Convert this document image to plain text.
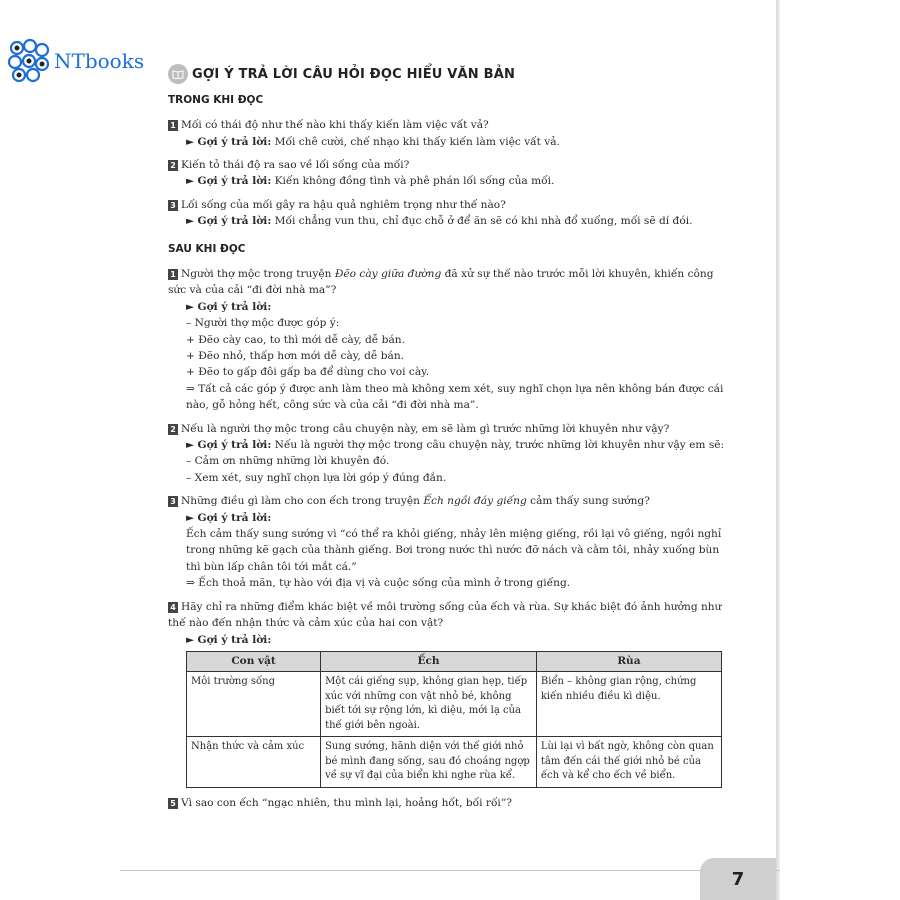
NTbooks
GỢI Ý TRẢ LỜI CÂU HỎI ĐỌC HIỂU VĂN BẢN
TRONG KHI ĐỌC
1 Mối có thái độ như thế nào khi thấy kiến làm việc vất vả?
► Gợi ý trả lời: Mối chê cười, chế nhạo khi thấy kiến làm việc vất vả.
2 Kiến tỏ thái độ ra sao về lối sống của mối?
► Gợi ý trả lời: Kiến không đồng tình và phê phán lối sống của mối.
3 Lối sống của mối gây ra hậu quả nghiêm trọng như thế nào?
► Gợi ý trả lời: Mối chẳng vun thu, chỉ đục chỗ ở để ăn sẽ có khi nhà đổ xuống, mối sẽ dí đói.
SAU KHI ĐỌC
1 Người thợ mộc trong truyện Đẽo cày giữa đường đã xử sự thế nào trước mỗi lời khuyên, khiến công sức và của cải “đi đời nhà ma”?
► Gợi ý trả lời:
– Người thợ mộc được góp ý:
+ Đẽo cày cao, to thì mới dễ cày, dễ bán.
+ Đẽo nhỏ, thấp hơn mới dễ cày, dễ bán.
+ Đẽo to gấp đôi gấp ba để dùng cho voi cày.
⇒ Tất cả các góp ý được anh làm theo mà không xem xét, suy nghĩ chọn lựa nên không bán được cái nào, gỗ hỏng hết, công sức và của cải “đi đời nhà ma”.
2 Nếu là người thợ mộc trong câu chuyện này, em sẽ làm gì trước những lời khuyên như vậy?
► Gợi ý trả lời: Nếu là người thợ mộc trong câu chuyện này, trước những lời khuyên như vậy em sẽ:
– Cảm ơn những những lời khuyên đó.
– Xem xét, suy nghĩ chọn lựa lời góp ý đúng đắn.
3 Những điều gì làm cho con ếch trong truyện Ếch ngồi đáy giếng cảm thấy sung sướng?
► Gợi ý trả lời:
Ếch cảm thấy sung sướng vì “có thể ra khỏi giếng, nhảy lên miệng giếng, rồi lại vô giếng, ngồi nghỉ trong những kẽ gạch của thành giếng. Bơi trong nước thì nước đỡ nách và cằm tôi, nhảy xuống bùn thì bùn lấp chân tôi tới mắt cá.”
⇒ Ếch thoả mãn, tự hào với địa vị và cuộc sống của mình ở trong giếng.
4 Hãy chỉ ra những điểm khác biệt về môi trường sống của ếch và rùa. Sự khác biệt đó ảnh hưởng như thế nào đến nhận thức và cảm xúc của hai con vật?
► Gợi ý trả lời:
Con vật	Ếch	Rùa
Môi trường sống	Một cái giếng sụp, không gian hẹp, tiếp xúc với những con vật nhỏ bé, không biết tới sự rộng lớn, kì diệu, mới lạ của thế giới bên ngoài.	Biển – không gian rộng, chứng kiến nhiều điều kì diệu.
Nhận thức và cảm xúc	Sung sướng, hãnh diện với thế giới nhỏ bé mình đang sống, sau đó choáng ngợp về sự vĩ đại của biển khi nghe rùa kể.	Lùi lại vì bất ngờ, không còn quan tâm đến cái thế giới nhỏ bé của ếch và kể cho ếch về biển.
5 Vì sao con ếch “ngạc nhiên, thu mình lại, hoảng hốt, bối rối”?
7
